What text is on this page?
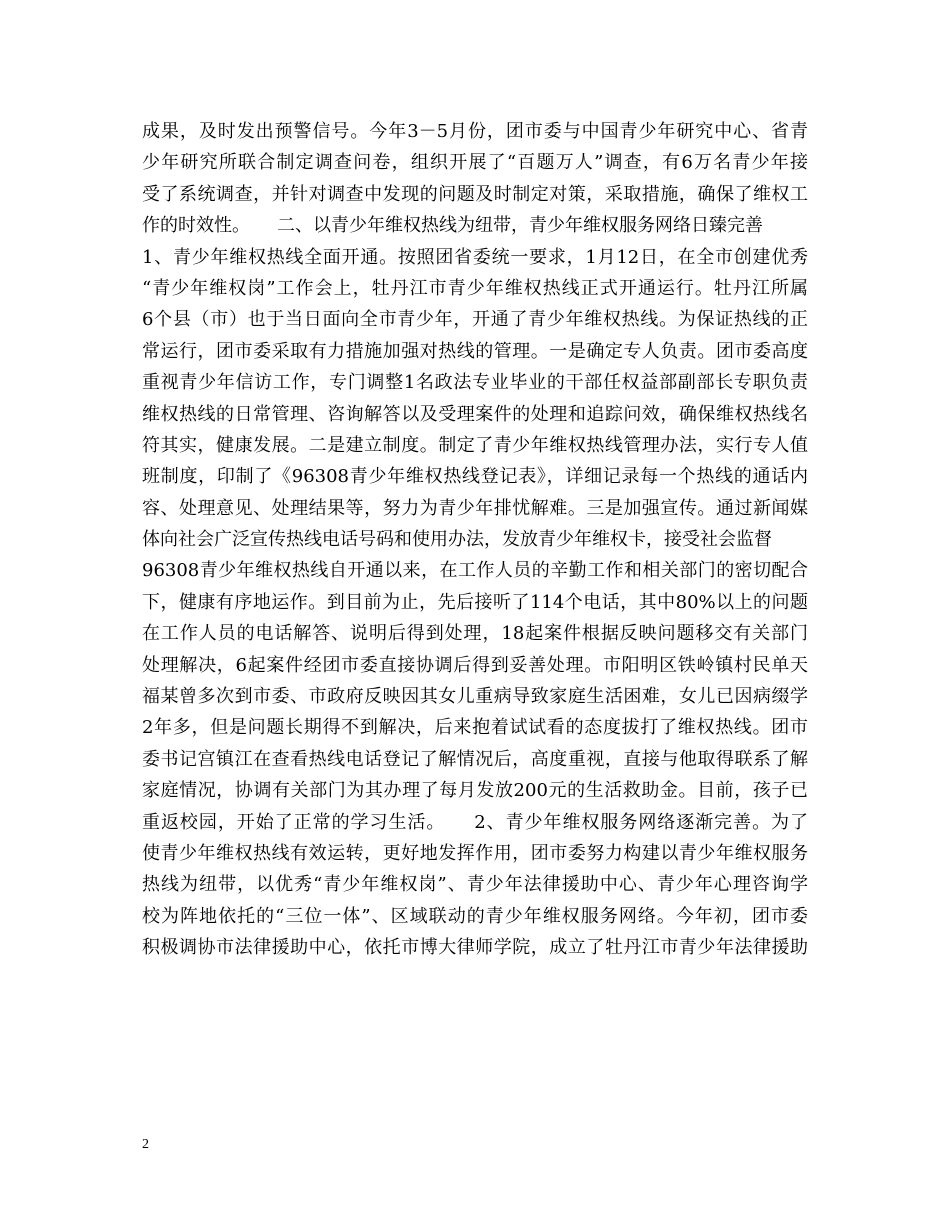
成果，及时发出预警信号。今年3－5月份，团市委与中国青少年研究中心、省青
少年研究所联合制定调查问卷，组织开展了“百题万人”调查，有6万名青少年接
受了系统调查，并针对调查中发现的问题及时制定对策，采取措施，确保了维权工
作的时效性。　　二、以青少年维权热线为纽带，青少年维权服务网络日臻完善
1、青少年维权热线全面开通。按照团省委统一要求，1月12日，在全市创建优秀
“青少年维权岗”工作会上，牡丹江市青少年维权热线正式开通运行。牡丹江所属
6个县（市）也于当日面向全市青少年，开通了青少年维权热线。为保证热线的正
常运行，团市委采取有力措施加强对热线的管理。一是确定专人负责。团市委高度
重视青少年信访工作，专门调整1名政法专业毕业的干部任权益部副部长专职负责
维权热线的日常管理、咨询解答以及受理案件的处理和追踪问效，确保维权热线名
符其实，健康发展。二是建立制度。制定了青少年维权热线管理办法，实行专人值
班制度，印制了《96308青少年维权热线登记表》，详细记录每一个热线的通话内
容、处理意见、处理结果等，努力为青少年排忧解难。三是加强宣传。通过新闻媒
体向社会广泛宣传热线电话号码和使用办法，发放青少年维权卡，接受社会监督
96308青少年维权热线自开通以来，在工作人员的辛勤工作和相关部门的密切配合
下，健康有序地运作。到目前为止，先后接听了114个电话，其中80%以上的问题
在工作人员的电话解答、说明后得到处理，18起案件根据反映问题移交有关部门
处理解决，6起案件经团市委直接协调后得到妥善处理。市阳明区铁岭镇村民单天
福某曾多次到市委、市政府反映因其女儿重病导致家庭生活困难，女儿已因病缀学
2年多，但是问题长期得不到解决，后来抱着试试看的态度拔打了维权热线。团市
委书记宫镇江在查看热线电话登记了解情况后，高度重视，直接与他取得联系了解
家庭情况，协调有关部门为其办理了每月发放200元的生活救助金。目前，孩子已
重返校园，开始了正常的学习生活。　　2、青少年维权服务网络逐渐完善。为了
使青少年维权热线有效运转，更好地发挥作用，团市委努力构建以青少年维权服务
热线为纽带，以优秀“青少年维权岗”、青少年法律援助中心、青少年心理咨询学
校为阵地依托的“三位一体”、区域联动的青少年维权服务网络。今年初，团市委
积极调协市法律援助中心，依托市博大律师学院，成立了牡丹江市青少年法律援助
2
